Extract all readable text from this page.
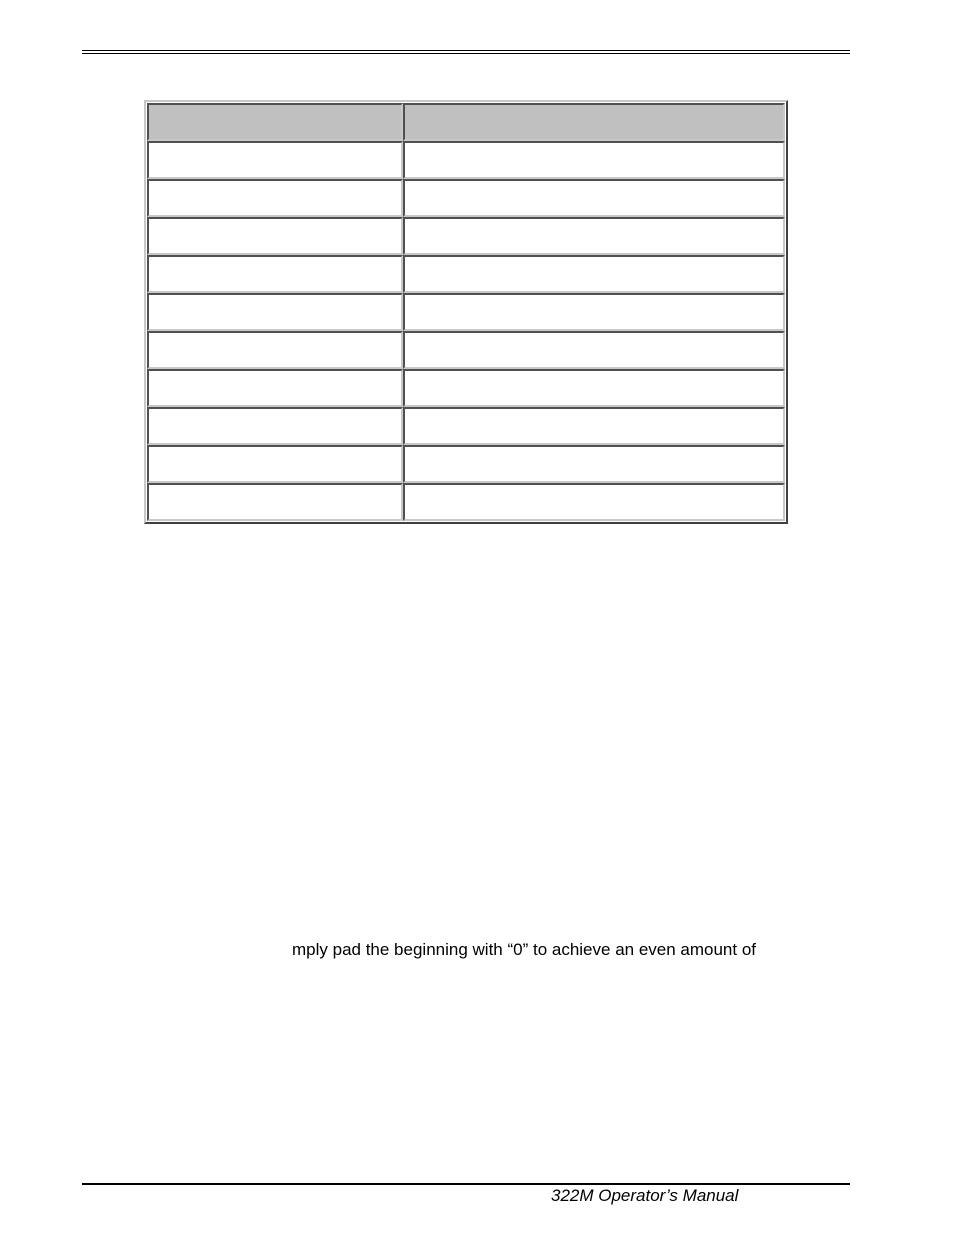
mply pad the beginning with “0” to achieve an even amount of
322M Operator’s Manual
